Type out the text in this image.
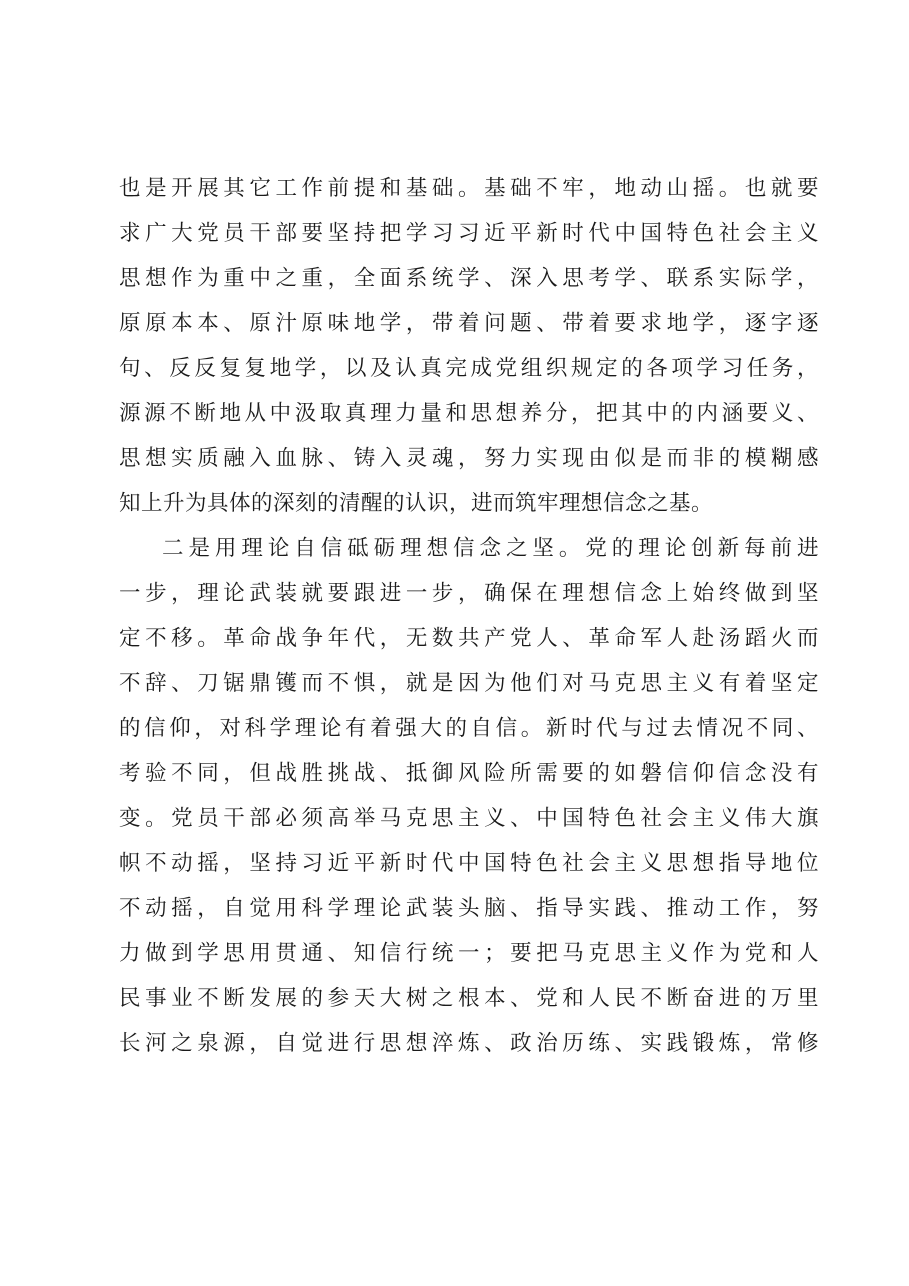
也是开展其它工作前提和基础。基础不牢，地动山摇。也就要
求广大党员干部要坚持把学习习近平新时代中国特色社会主义
思想作为重中之重，全面系统学、深入思考学、联系实际学，
原原本本、原汁原味地学，带着问题、带着要求地学，逐字逐
句、反反复复地学，以及认真完成党组织规定的各项学习任务，
源源不断地从中汲取真理力量和思想养分，把其中的内涵要义、
思想实质融入血脉、铸入灵魂，努力实现由似是而非的模糊感
知上升为具体的深刻的清醒的认识，进而筑牢理想信念之基。
二是用理论自信砥砺理想信念之坚。党的理论创新每前进
一步，理论武装就要跟进一步，确保在理想信念上始终做到坚
定不移。革命战争年代，无数共产党人、革命军人赴汤蹈火而
不辞、刀锯鼎镬而不惧，就是因为他们对马克思主义有着坚定
的信仰，对科学理论有着强大的自信。新时代与过去情况不同、
考验不同，但战胜挑战、抵御风险所需要的如磐信仰信念没有
变。党员干部必须高举马克思主义、中国特色社会主义伟大旗
帜不动摇，坚持习近平新时代中国特色社会主义思想指导地位
不动摇，自觉用科学理论武装头脑、指导实践、推动工作，努
力做到学思用贯通、知信行统一；要把马克思主义作为党和人
民事业不断发展的参天大树之根本、党和人民不断奋进的万里
长河之泉源，自觉进行思想淬炼、政治历练、实践锻炼，常修
